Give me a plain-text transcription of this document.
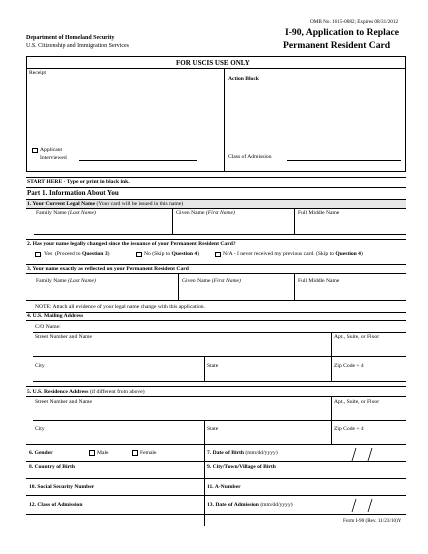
OMB No. 1615-0082; Expires 08/31/2012
Department of Homeland Security
U.S. Citizenship and Immigration Services
I-90, Application to Replace
Permanent Resident Card
FOR USCIS USE ONLY
Receipt
Action Block
Applicant
Interviewed	Class of Admission
START HERE - Type or print in black ink.
Part 1. Information About You
1. Your Current Legal Name (Your card will be issued in this name)
Family Name (Last Name)	Given Name (First Name)	Full Middle Name
2. Has your name legally changed since the issuance of your Permanent Resident Card?
Yes (Proceed to Question 3)	No (Skip to Question 4)	N/A - I never received my previous card. (Skip to Question 4)
3. Your name exactly as reflected on your Permanent Resident Card
Family Name (Last Name)	Given Name (First Name)	Full Middle Name
NOTE: Attach all evidence of your legal name change with this application.
4. U.S. Mailing Address
C/O Name:
Street Number and Name	Apt., Suite, or Floor
City	State	Zip Code + 4
5. U.S. Residence Address (if different from above)
Street Number and Name	Apt., Suite, or Floor
City	State	Zip Code + 4
6. Gender	Male	Female	7. Date of Birth (mm/dd/yyyy)
8. Country of Birth	9. City/Town/Village of Birth
10. Social Security Number	11. A-Number
12. Class of Admission	13. Date of Admission (mm/dd/yyyy)
Form I-90 (Rev. 11/23/10)Y
